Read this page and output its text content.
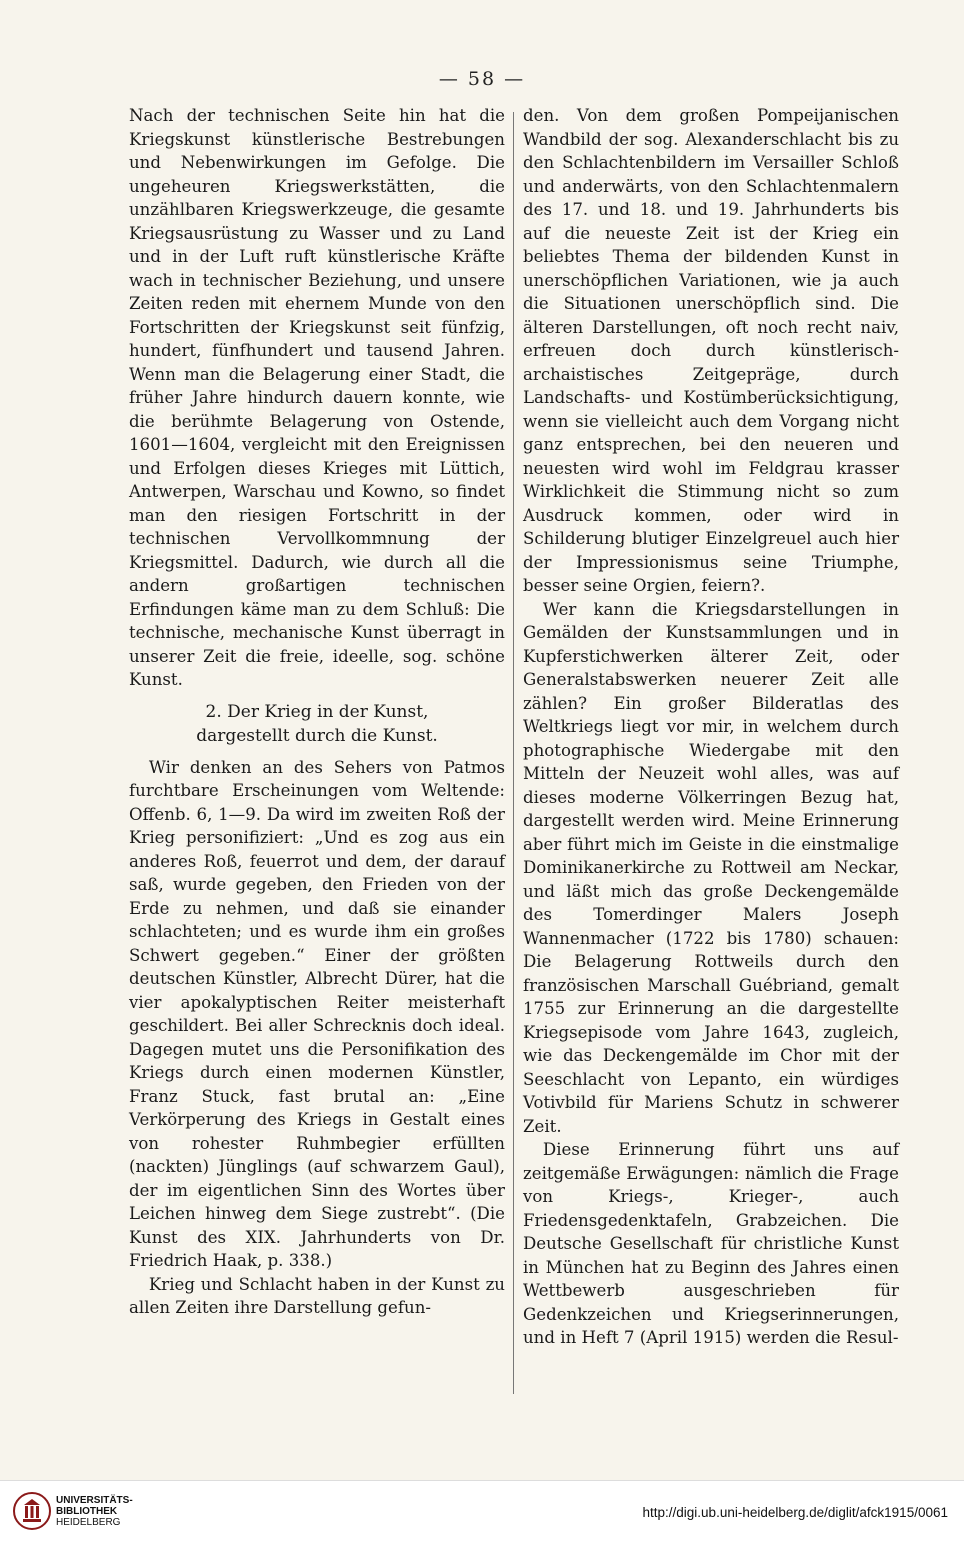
— 58 —

Nach der technischen Seite hin hat die Kriegskunst künstlerische Bestrebungen und Nebenwirkungen im Gefolge. Die ungeheuren Kriegswerkstätten, die unzählbaren Kriegswerkzeuge, die gesamte Kriegsausrüstung zu Wasser und zu Land und in der Luft ruft künstlerische Kräfte wach in technischer Beziehung, und unsere Zeiten reden mit ehernem Munde von den Fortschritten der Kriegskunst seit fünfzig, hundert, fünfhundert und tausend Jahren. Wenn man die Belagerung einer Stadt, die früher Jahre hindurch dauern konnte, wie die berühmte Belagerung von Ostende, 1601—1604, vergleicht mit den Ereignissen und Erfolgen dieses Krieges mit Lüttich, Antwerpen, Warschau und Kowno, so findet man den riesigen Fortschritt in der technischen Vervollkommnung der Kriegsmittel. Dadurch, wie durch all die andern großartigen technischen Erfindungen käme man zu dem Schluß: Die technische, mechanische Kunst überragt in unserer Zeit die freie, ideelle, sog. schöne Kunst.

2. Der Krieg in der Kunst,
dargestellt durch die Kunst.

Wir denken an des Sehers von Patmos furchtbare Erscheinungen vom Weltende: Offenb. 6, 1—9. Da wird im zweiten Roß der Krieg personifiziert: „Und es zog aus ein anderes Roß, feuerrot und dem, der darauf saß, wurde gegeben, den Frieden von der Erde zu nehmen, und daß sie einander schlachteten; und es wurde ihm ein großes Schwert gegeben.“ Einer der größten deutschen Künstler, Albrecht Dürer, hat die vier apokalyptischen Reiter meisterhaft geschildert. Bei aller Schrecknis doch ideal. Dagegen mutet uns die Personifikation des Kriegs durch einen modernen Künstler, Franz Stuck, fast brutal an: „Eine Verkörperung des Kriegs in Gestalt eines von rohester Ruhmbegier erfüllten (nackten) Jünglings (auf schwarzem Gaul), der im eigentlichen Sinn des Wortes über Leichen hinweg dem Siege zustrebt“. (Die Kunst des XIX. Jahrhunderts von Dr. Friedrich Haak, p. 338.)

Krieg und Schlacht haben in der Kunst zu allen Zeiten ihre Darstellung gefun-

den. Von dem großen Pompeijanischen Wandbild der sog. Alexanderschlacht bis zu den Schlachtenbildern im Versailler Schloß und anderwärts, von den Schlachtenmalern des 17. und 18. und 19. Jahrhunderts bis auf die neueste Zeit ist der Krieg ein beliebtes Thema der bildenden Kunst in unerschöpflichen Variationen, wie ja auch die Situationen unerschöpflich sind. Die älteren Darstellungen, oft noch recht naiv, erfreuen doch durch künstlerisch-archaistisches Zeitgepräge, durch Landschafts- und Kostümberücksichtigung, wenn sie vielleicht auch dem Vorgang nicht ganz entsprechen, bei den neueren und neuesten wird wohl im Feldgrau krasser Wirklichkeit die Stimmung nicht so zum Ausdruck kommen, oder wird in Schilderung blutiger Einzelgreuel auch hier der Impressionismus seine Triumphe, besser seine Orgien, feiern?.

Wer kann die Kriegsdarstellungen in Gemälden der Kunstsammlungen und in Kupferstichwerken älterer Zeit, oder Generalstabswerken neuerer Zeit alle zählen? Ein großer Bilderatlas des Weltkriegs liegt vor mir, in welchem durch photographische Wiedergabe mit den Mitteln der Neuzeit wohl alles, was auf dieses moderne Völkerringen Bezug hat, dargestellt werden wird. Meine Erinnerung aber führt mich im Geiste in die einstmalige Dominikanerkirche zu Rottweil am Neckar, und läßt mich das große Deckengemälde des Tomerdinger Malers Joseph Wannenmacher (1722 bis 1780) schauen: Die Belagerung Rottweils durch den französischen Marschall Guébriand, gemalt 1755 zur Erinnerung an die dargestellte Kriegsepisode vom Jahre 1643, zugleich, wie das Deckengemälde im Chor mit der Seeschlacht von Lepanto, ein würdiges Votivbild für Mariens Schutz in schwerer Zeit.

Diese Erinnerung führt uns auf zeitgemäße Erwägungen: nämlich die Frage von Kriegs-, Krieger-, auch Friedensgedenktafeln, Grabzeichen. Die Deutsche Gesellschaft für christliche Kunst in München hat zu Beginn des Jahres einen Wettbewerb ausgeschrieben für Gedenkzeichen und Kriegserinnerungen, und in Heft 7 (April 1915) werden die Resul-

UNIVERSITÄTS-
BIBLIOTHEK
HEIDELBERG
http://digi.ub.uni-heidelberg.de/diglit/afck1915/0061
